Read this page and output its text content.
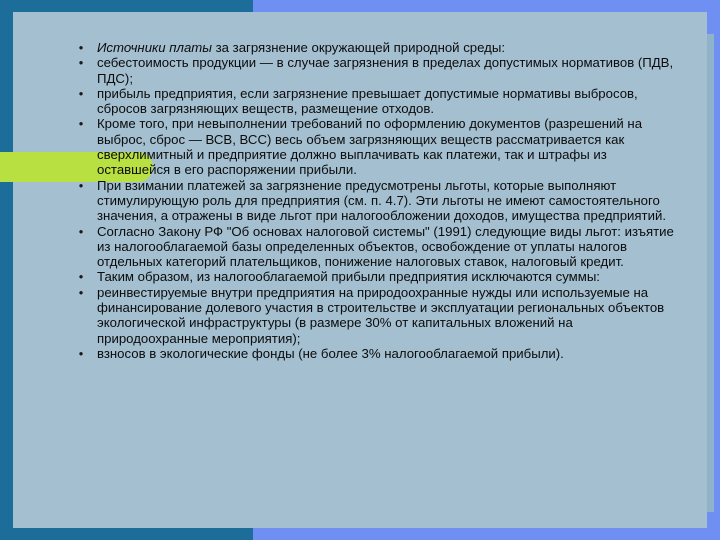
●	Источники платы за загрязнение окружающей природной среды:

●	себестоимость продукции — в случае загрязнения в пределах допустимых нормативов (ПДВ, ПДС);

●	прибыль предприятия, если загрязнение превышает допустимые нормативы выбросов, сбросов загрязняющих веществ, размещение отходов.

●	Кроме того, при невыполнении требований по оформлению документов (разрешений на выброс, сброс — ВСВ, ВСС) весь объем загрязняющих веществ рассматривается как сверхлимитный и предприятие должно выплачивать как платежи, так и штрафы из оставшейся в его распоряжении прибыли.

●	При взимании платежей за загрязнение предусмотрены льготы, которые выполняют стимулирующую роль для предприятия (см. п. 4.7). Эти льготы не имеют самостоятельного значения, а отражены в виде льгот при налогообложении доходов, имущества предприятий.

●	Согласно Закону РФ "Об основах налоговой системы" (1991) следующие виды льгот: изъятие из налогооблагаемой базы определенных объектов, освобождение от уплаты налогов отдельных категорий плательщиков, понижение налоговых ставок, налоговый кредит.

●	Таким образом, из налогооблагаемой прибыли предприятия исключаются суммы:

●	реинвестируемые внутри предприятия на природоохранные нужды или используемые на финансирование долевого участия в строительстве и эксплуатации региональных объектов экологической инфраструктуры (в размере 30% от капитальных вложений на природоохранные мероприятия);

●	взносов в экологические фонды (не более 3% налогооблагаемой прибыли).
